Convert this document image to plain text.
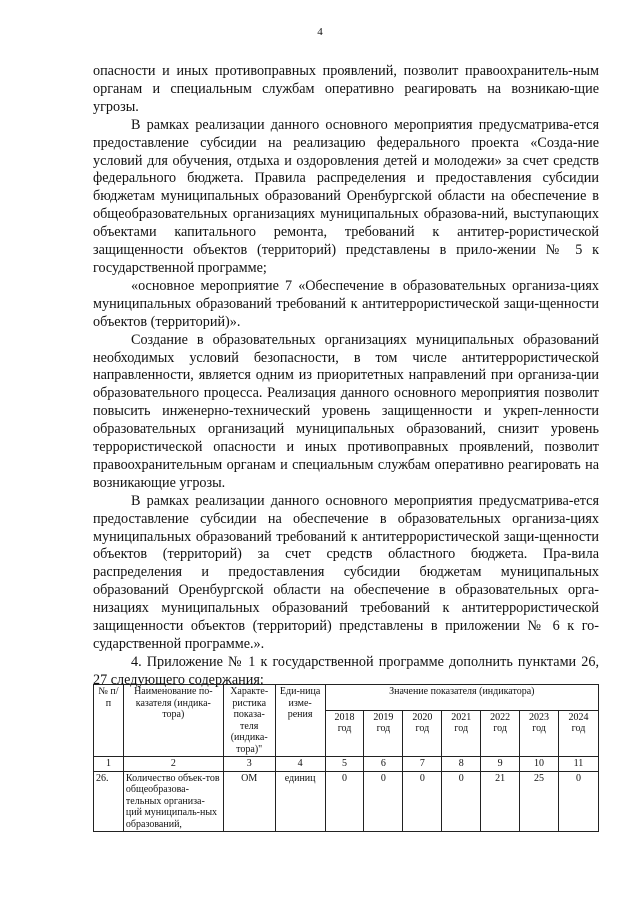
4

опасности и иных противоправных проявлений, позволит правоохранитель-ным органам и специальным службам оперативно реагировать на возникаю-щие угрозы.

В рамках реализации данного основного мероприятия предусматрива-ется предоставление субсидии на реализацию федерального проекта «Созда-ние условий для обучения, отдыха и оздоровления детей и молодежи» за счет средств федерального бюджета. Правила распределения и предоставления субсидии бюджетам муниципальных образований Оренбургской области на обеспечение в общеобразовательных организациях муниципальных образова-ний, выступающих объектами капитального ремонта, требований к антитер-рористической защищенности объектов (территорий) представлены в прило-жении № 5 к государственной программе;

«основное мероприятие 7 «Обеспечение в образовательных организа-циях муниципальных образований требований к антитеррористической защи-щенности объектов (территорий)».

Создание в образовательных организациях муниципальных образований необходимых условий безопасности, в том числе антитеррористической направленности, является одним из приоритетных направлений при организа-ции образовательного процесса. Реализация данного основного мероприятия позволит повысить инженерно-технический уровень защищенности и укреп-ленности образовательных организаций муниципальных образований, снизит уровень террористической опасности и иных противоправных проявлений, позволит правоохранительным органам и специальным службам оперативно реагировать на возникающие угрозы.

В рамках реализации данного основного мероприятия предусматрива-ется предоставление субсидии на обеспечение в образовательных организа-циях муниципальных образований требований к антитеррористической защи-щенности объектов (территорий) за счет средств областного бюджета. Пра-вила распределения и предоставления субсидии бюджетам муниципальных образований Оренбургской области на обеспечение в образовательных орга-низациях муниципальных образований требований к антитеррористической защищенности объектов (территорий) представлены в приложении № 6 к го-сударственной программе.».

4. Приложение № 1 к государственной программе дополнить пунктами 26, 27 следующего содержания:

№ п/п	Наименование по-казателя (индика-тора)	Характе-ристика показа-теля (индика-тора)"	Еди-ница изме-рения	Значение показателя (индикатора)						
				2018 год	2019 год	2020 год	2021 год	2022 год	2023 год	2024 год
1	2	3	4	5	6	7	8	9	10	11
26.	Количество объек-тов общеобразова-тельных организа-ций муниципаль-ных образований,	ОМ	единиц	0	0	0	0	21	25	0
